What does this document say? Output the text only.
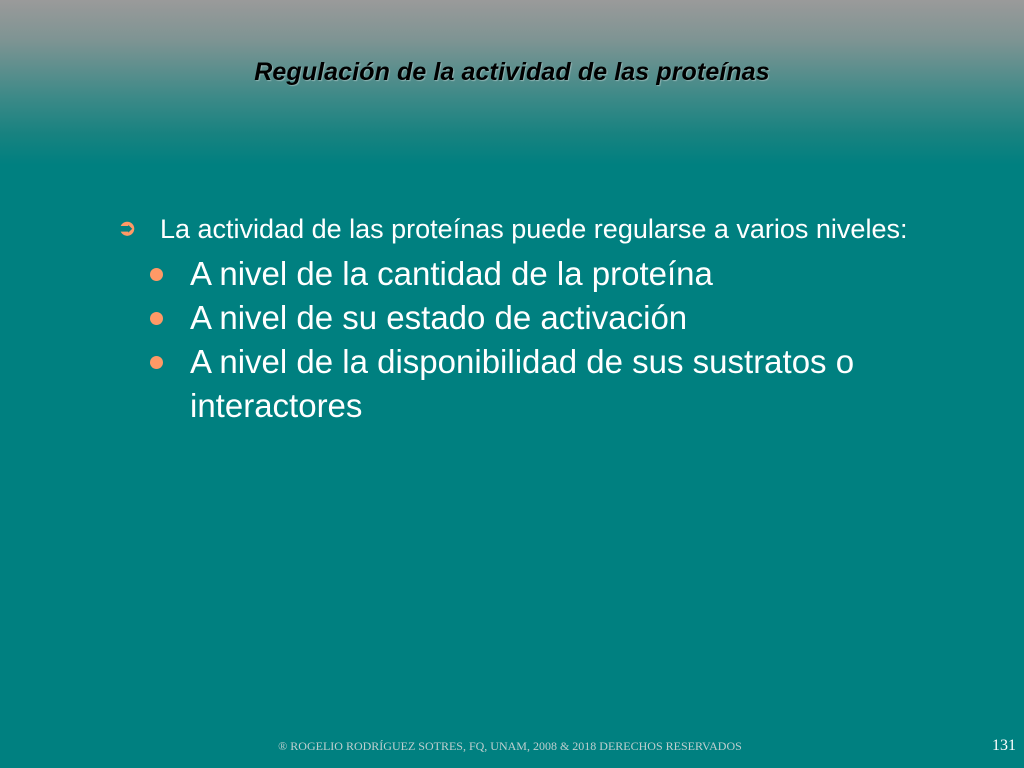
Regulación de la actividad de las proteínas
➲ La actividad de las proteínas puede regularse a varios niveles:
A nivel de la cantidad de la proteína
A nivel de su estado de activación
A nivel de la disponibilidad de sus sustratos o interactores
® ROGELIO RODRÍGUEZ SOTRES, FQ, UNAM, 2008 & 2018 DERECHOS RESERVADOS	131
